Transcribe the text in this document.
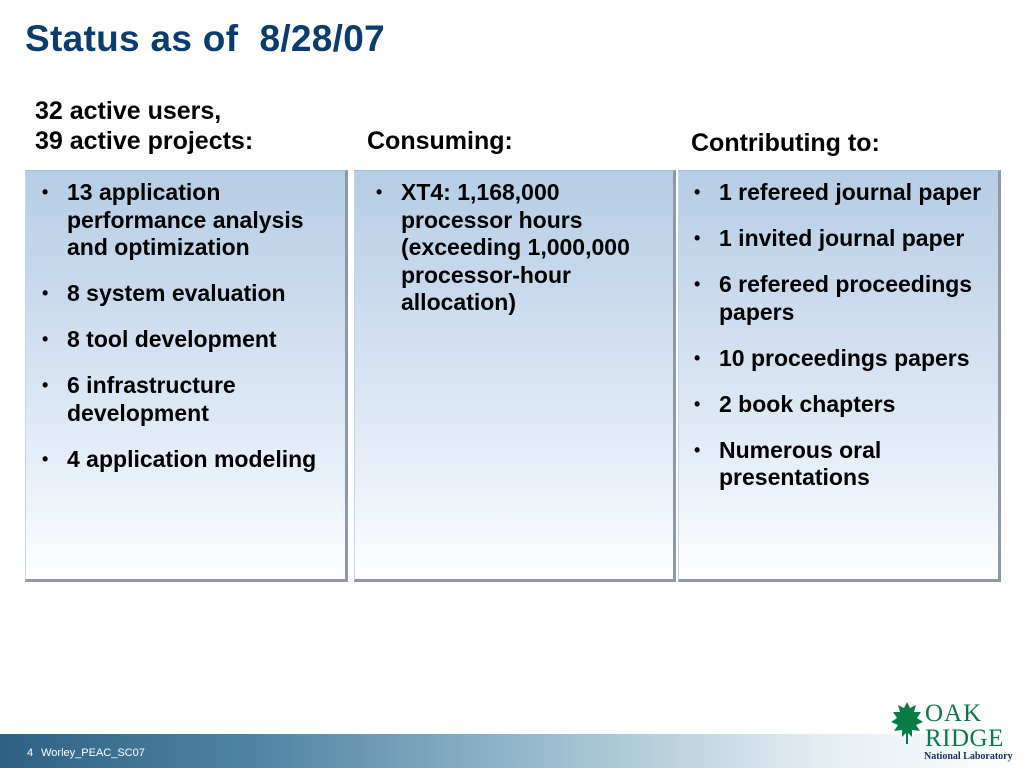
Status as of  8/28/07
32 active users,
39 active projects:
• 13 application performance analysis and optimization
• 8 system evaluation
• 8 tool development
• 6 infrastructure development
• 4 application modeling
Consuming:
• XT4: 1,168,000 processor hours (exceeding 1,000,000 processor-hour allocation)
Contributing to:
• 1 refereed journal paper
• 1 invited journal paper
• 6 refereed proceedings papers
• 10 proceedings papers
• 2 book chapters
• Numerous oral presentations
4 Worley_PEAC_SC07
OAK
RIDGE
National Laboratory
